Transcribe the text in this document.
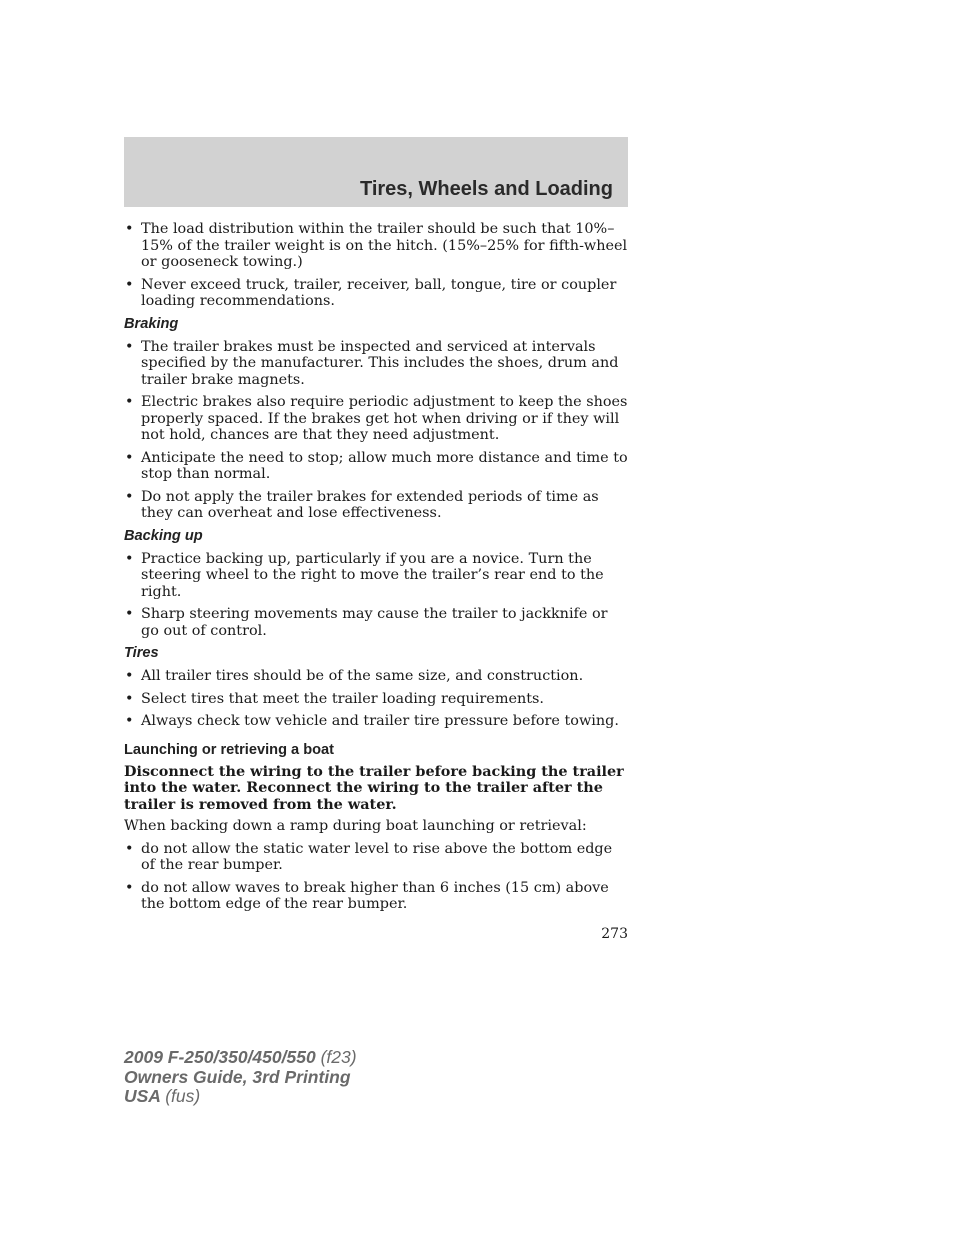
Tires, Wheels and Loading
• The load distribution within the trailer should be such that 10%–15% of the trailer weight is on the hitch. (15%–25% for fifth-wheel or gooseneck towing.)
• Never exceed truck, trailer, receiver, ball, tongue, tire or coupler loading recommendations.
Braking
• The trailer brakes must be inspected and serviced at intervals specified by the manufacturer. This includes the shoes, drum and trailer brake magnets.
• Electric brakes also require periodic adjustment to keep the shoes properly spaced. If the brakes get hot when driving or if they will not hold, chances are that they need adjustment.
• Anticipate the need to stop; allow much more distance and time to stop than normal.
• Do not apply the trailer brakes for extended periods of time as they can overheat and lose effectiveness.
Backing up
• Practice backing up, particularly if you are a novice. Turn the steering wheel to the right to move the trailer’s rear end to the right.
• Sharp steering movements may cause the trailer to jackknife or go out of control.
Tires
• All trailer tires should be of the same size, and construction.
• Select tires that meet the trailer loading requirements.
• Always check tow vehicle and trailer tire pressure before towing.
Launching or retrieving a boat

Disconnect the wiring to the trailer before backing the trailer into the water. Reconnect the wiring to the trailer after the trailer is removed from the water.

When backing down a ramp during boat launching or retrieval:

• do not allow the static water level to rise above the bottom edge of the rear bumper.
• do not allow waves to break higher than 6 inches (15 cm) above the bottom edge of the rear bumper.
273
2009 F-250/350/450/550 (f23)
Owners Guide, 3rd Printing
USA (fus)
